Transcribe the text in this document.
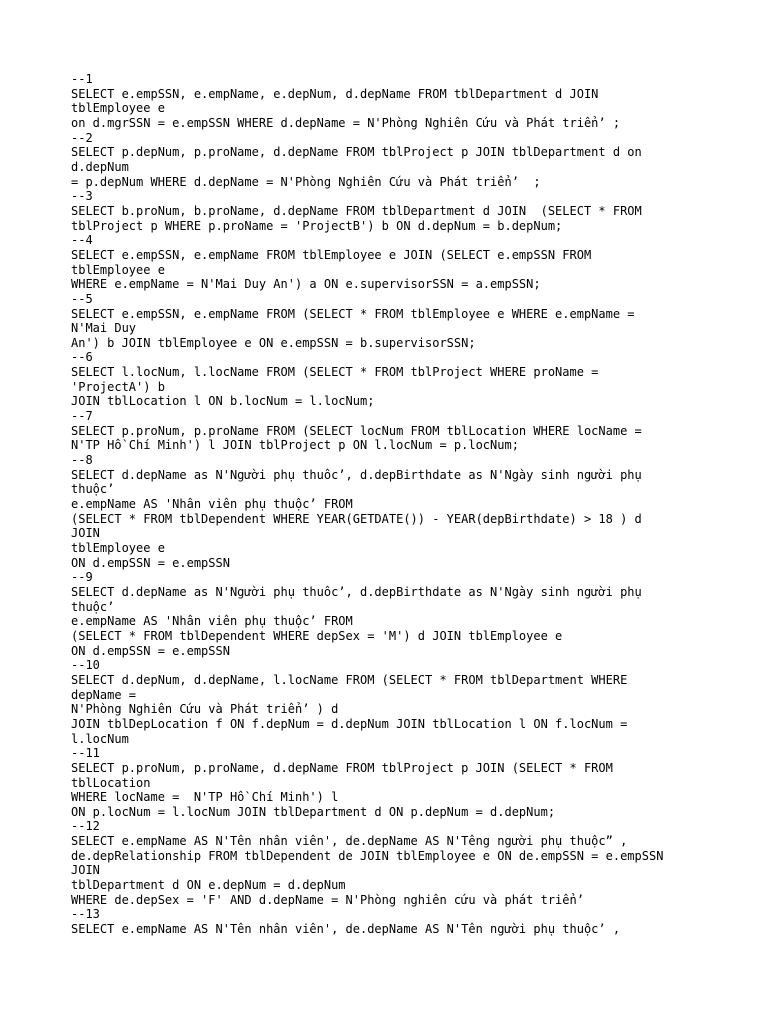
--1
SELECT e.empSSN, e.empName, e.depNum, d.depName FROM tblDepartment d JOIN
tblEmployee e
on d.mgrSSN = e.empSSN WHERE d.depName = N'Phòng Nghiên Cứu và Phát triển’ ;
--2
SELECT p.depNum, p.proName, d.depName FROM tblProject p JOIN tblDepartment d on
d.depNum
= p.depNum WHERE d.depName = N'Phòng Nghiên Cứu và Phát triển’  ;
--3
SELECT b.proNum, b.proName, d.depName FROM tblDepartment d JOIN  (SELECT * FROM
tblProject p WHERE p.proName = 'ProjectB') b ON d.depNum = b.depNum;
--4
SELECT e.empSSN, e.empName FROM tblEmployee e JOIN (SELECT e.empSSN FROM
tblEmployee e
WHERE e.empName = N'Mai Duy An') a ON e.supervisorSSN = a.empSSN;
--5
SELECT e.empSSN, e.empName FROM (SELECT * FROM tblEmployee e WHERE e.empName =
N'Mai Duy
An') b JOIN tblEmployee e ON e.empSSN = b.supervisorSSN;
--6
SELECT l.locNum, l.locName FROM (SELECT * FROM tblProject WHERE proName =
'ProjectA') b
JOIN tblLocation l ON b.locNum = l.locNum;
--7
SELECT p.proNum, p.proName FROM (SELECT locNum FROM tblLocation WHERE locName =
N'TP Hồ Chí Minh') l JOIN tblProject p ON l.locNum = p.locNum;
--8
SELECT d.depName as N'Người phụ thuôc’, d.depBirthdate as N'Ngày sinh người phụ
thuộc’
e.empName AS 'Nhân viên phụ thuộc’ FROM
(SELECT * FROM tblDependent WHERE YEAR(GETDATE()) - YEAR(depBirthdate) > 18 ) d
JOIN
tblEmployee e
ON d.empSSN = e.empSSN
--9
SELECT d.depName as N'Người phụ thuôc’, d.depBirthdate as N'Ngày sinh người phụ
thuộc’
e.empName AS 'Nhân viên phụ thuộc’ FROM
(SELECT * FROM tblDependent WHERE depSex = 'M') d JOIN tblEmployee e
ON d.empSSN = e.empSSN
--10
SELECT d.depNum, d.depName, l.locName FROM (SELECT * FROM tblDepartment WHERE
depName =
N'Phòng Nghiên Cứu và Phát triển’ ) d
JOIN tblDepLocation f ON f.depNum = d.depNum JOIN tblLocation l ON f.locNum =
l.locNum
--11
SELECT p.proNum, p.proName, d.depName FROM tblProject p JOIN (SELECT * FROM
tblLocation
WHERE locName =  N'TP Hồ Chí Minh') l
ON p.locNum = l.locNum JOIN tblDepartment d ON p.depNum = d.depNum;
--12
SELECT e.empName AS N'Tên nhân viên', de.depName AS N'Têng người phụ thuộc” ,
de.depRelationship FROM tblDependent de JOIN tblEmployee e ON de.empSSN = e.empSSN
JOIN
tblDepartment d ON e.depNum = d.depNum
WHERE de.depSex = 'F' AND d.depName = N'Phòng nghiên cứu và phát triển’
--13
SELECT e.empName AS N'Tên nhân viên', de.depName AS N'Tên người phụ thuộc’ ,
